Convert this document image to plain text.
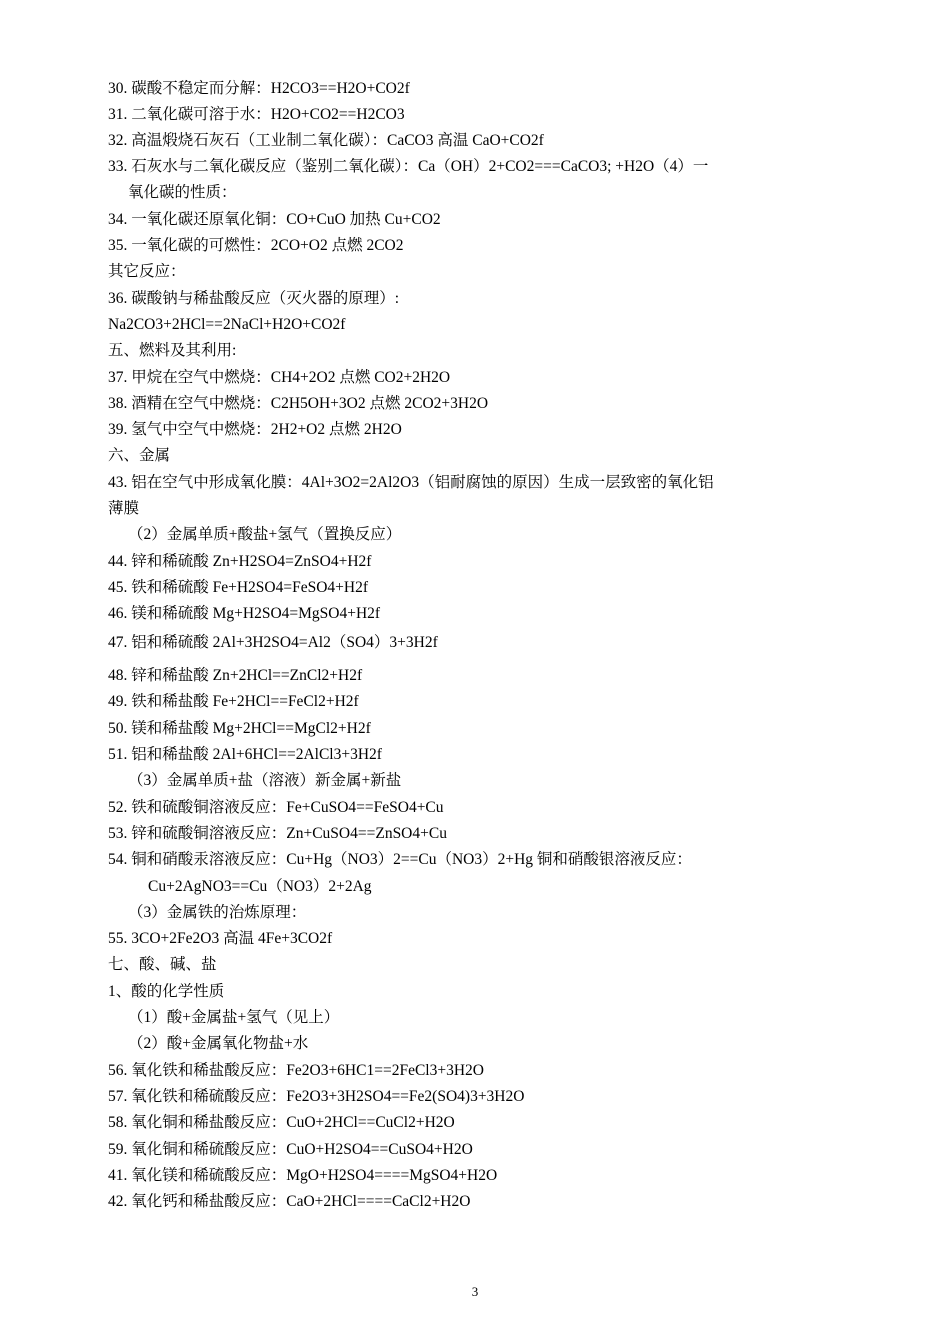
30. 碳酸不稳定而分解：H2CO3==H2O+CO2f
31. 二氧化碳可溶于水：H2O+CO2==H2CO3
32. 高温煅烧石灰石（工业制二氧化碳）：CaCO3 高温 CaO+CO2f
33. 石灰水与二氧化碳反应（鉴别二氧化碳）：Ca（OH）2+CO2===CaCO3; +H2O（4）一
氧化碳的性质：
34. 一氧化碳还原氧化铜：CO+CuO 加热 Cu+CO2
35. 一氧化碳的可燃性：2CO+O2 点燃 2CO2
其它反应：
36. 碳酸钠与稀盐酸反应（灭火器的原理）:
Na2CO3+2HCl==2NaCl+H2O+CO2f
五、燃料及其利用:
37. 甲烷在空气中燃烧：CH4+2O2 点燃 CO2+2H2O
38. 酒精在空气中燃烧：C2H5OH+3O2 点燃 2CO2+3H2O
39. 氢气中空气中燃烧：2H2+O2 点燃 2H2O
六、金属
43. 铝在空气中形成氧化膜：4Al+3O2=2Al2O3（铝耐腐蚀的原因）生成一层致密的氧化铝
薄膜
（2）金属单质+酸盐+氢气（置换反应）
44. 锌和稀硫酸 Zn+H2SO4=ZnSO4+H2f
45. 铁和稀硫酸 Fe+H2SO4=FeSO4+H2f
46. 镁和稀硫酸 Mg+H2SO4=MgSO4+H2f
47. 铝和稀硫酸 2Al+3H2SO4=Al2（SO4）3+3H2f
48. 锌和稀盐酸 Zn+2HCl==ZnCl2+H2f
49. 铁和稀盐酸 Fe+2HCl==FeCl2+H2f
50. 镁和稀盐酸 Mg+2HCl==MgCl2+H2f
51. 铝和稀盐酸 2Al+6HCl==2AlCl3+3H2f
（3）金属单质+盐（溶液）新金属+新盐
52. 铁和硫酸铜溶液反应：Fe+CuSO4==FeSO4+Cu
53. 锌和硫酸铜溶液反应：Zn+CuSO4==ZnSO4+Cu
54. 铜和硝酸汞溶液反应：Cu+Hg（NO3）2==Cu（NO3）2+Hg 铜和硝酸银溶液反应：
Cu+2AgNO3==Cu（NO3）2+2Ag
（3）金属铁的治炼原理：
55. 3CO+2Fe2O3 高温 4Fe+3CO2f
七、酸、碱、盐
1、酸的化学性质
（1）酸+金属盐+氢气（见上）
（2）酸+金属氧化物盐+水
56. 氧化铁和稀盐酸反应：Fe2O3+6HC1==2FeCl3+3H2O
57. 氧化铁和稀硫酸反应：Fe2O3+3H2SO4==Fe2(SO4)3+3H2O
58. 氧化铜和稀盐酸反应：CuO+2HCl==CuCl2+H2O
59. 氧化铜和稀硫酸反应：CuO+H2SO4==CuSO4+H2O
41. 氧化镁和稀硫酸反应：MgO+H2SO4====MgSO4+H2O
42. 氧化钙和稀盐酸反应：CaO+2HCl====CaCl2+H2O
3
